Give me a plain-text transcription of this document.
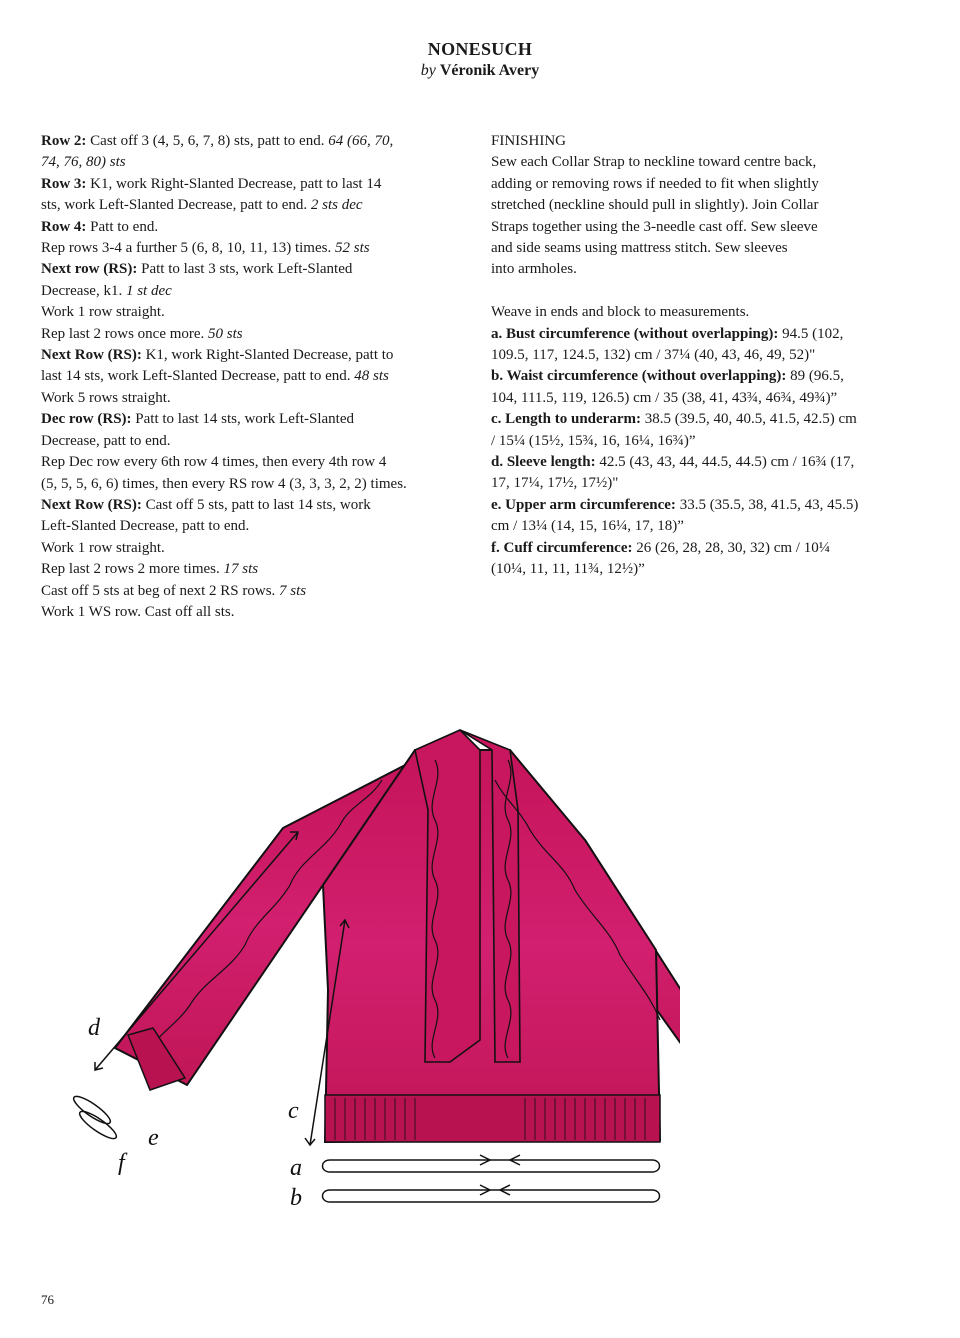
NONESUCH
by Véronik Avery
Row 2: Cast off 3 (4, 5, 6, 7, 8) sts, patt to end. 64 (66, 70,
74, 76, 80) sts
Row 3: K1, work Right-Slanted Decrease, patt to last 14
sts, work Left-Slanted Decrease, patt to end. 2 sts dec
Row 4: Patt to end.
Rep rows 3-4 a further 5 (6, 8, 10, 11, 13) times. 52 sts
Next row (RS): Patt to last 3 sts, work Left-Slanted
Decrease, k1. 1 st dec
Work 1 row straight.
Rep last 2 rows once more. 50 sts
Next Row (RS): K1, work Right-Slanted Decrease, patt to
last 14 sts, work Left-Slanted Decrease, patt to end. 48 sts
Work 5 rows straight.
Dec row (RS): Patt to last 14 sts, work Left-Slanted
Decrease, patt to end.
Rep Dec row every 6th row 4 times, then every 4th row 4
(5, 5, 5, 6, 6) times, then every RS row 4 (3, 3, 3, 2, 2) times.
Next Row (RS): Cast off 5 sts, patt to last 14 sts, work
Left-Slanted Decrease, patt to end.
Work 1 row straight.
Rep last 2 rows 2 more times. 17 sts
Cast off 5 sts at beg of next 2 RS rows. 7 sts
Work 1 WS row. Cast off all sts.
FINISHING
Sew each Collar Strap to neckline toward centre back,
adding or removing rows if needed to fit when slightly
stretched (neckline should pull in slightly). Join Collar
Straps together using the 3-needle cast off. Sew sleeve
and side seams using mattress stitch. Sew sleeves
into armholes.
Weave in ends and block to measurements.
a. Bust circumference (without overlapping): 94.5 (102,
109.5, 117, 124.5, 132) cm / 37¼ (40, 43, 46, 49, 52)"
b. Waist circumference (without overlapping): 89 (96.5,
104, 111.5, 119, 126.5) cm / 35 (38, 41, 43¾, 46¾, 49¾)”
c. Length to underarm: 38.5 (39.5, 40, 40.5, 41.5, 42.5) cm
/ 15¼ (15½, 15¾, 16, 16¼, 16¾)”
d. Sleeve length: 42.5 (43, 43, 44, 44.5, 44.5) cm / 16¾ (17,
17, 17¼, 17½, 17½)"
e. Upper arm circumference: 33.5 (35.5, 38, 41.5, 43, 45.5)
cm / 13¼ (14, 15, 16¼, 17, 18)”
f. Cuff circumference: 26 (26, 28, 28, 30, 32) cm / 10¼
(10¼, 11, 11, 11¾, 12½)”
a
b
c
d
e
f
76
